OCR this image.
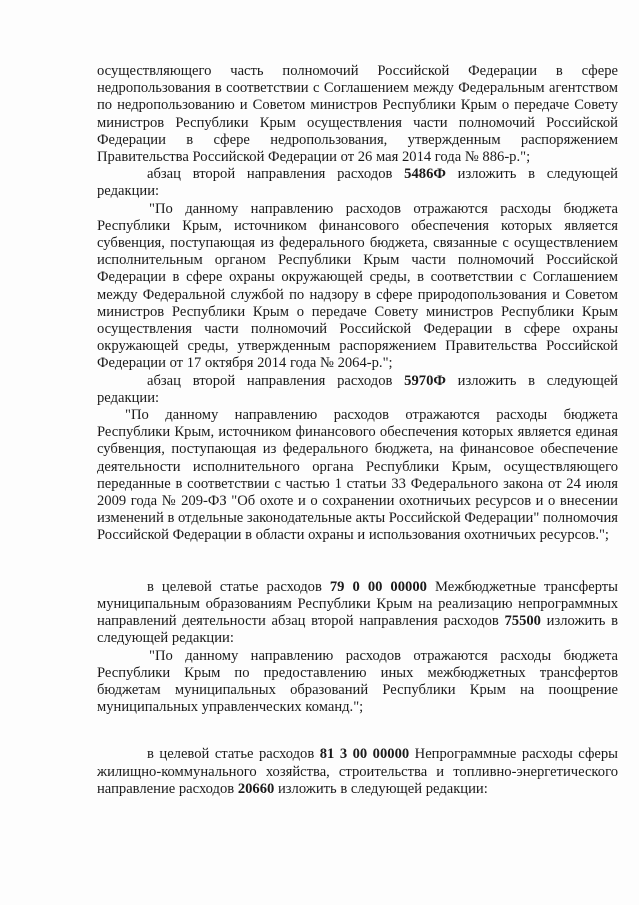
осуществляющего часть полномочий Российской Федерации в сфере недропользования в соответствии с Соглашением между Федеральным агентством по недропользованию и Советом министров Республики Крым о передаче Совету министров Республики Крым осуществления части полномочий Российской Федерации в сфере недропользования, утвержденным распоряжением Правительства Российской Федерации от 26 мая 2014 года № 886-р.";

абзац второй направления расходов 5486Ф изложить в следующей редакции:

"По данному направлению расходов отражаются расходы бюджета Республики Крым, источником финансового обеспечения которых является субвенция, поступающая из федерального бюджета, связанные с осуществлением исполнительным органом Республики Крым части полномочий Российской Федерации в сфере охраны окружающей среды, в соответствии с Соглашением между Федеральной службой по надзору в сфере природопользования и Советом министров Республики Крым о передаче Совету министров Республики Крым осуществления части полномочий Российской Федерации в сфере охраны окружающей среды, утвержденным распоряжением Правительства Российской Федерации от 17 октября 2014 года № 2064-р.";

абзац второй направления расходов 5970Ф изложить в следующей редакции:

"По данному направлению расходов отражаются расходы бюджета Республики Крым, источником финансового обеспечения которых является единая субвенция, поступающая из федерального бюджета, на финансовое обеспечение деятельности исполнительного органа Республики Крым, осуществляющего переданные в соответствии с частью 1 статьи 33 Федерального закона от 24 июля 2009 года № 209-ФЗ "Об охоте и о сохранении охотничьих ресурсов и о внесении изменений в отдельные законодательные акты Российской Федерации" полномочия Российской Федерации в области охраны и использования охотничьих ресурсов.";

в целевой статье расходов 79 0 00 00000 Межбюджетные трансферты муниципальным образованиям Республики Крым на реализацию непрограммных направлений деятельности абзац второй направления расходов 75500 изложить в следующей редакции:

"По данному направлению расходов отражаются расходы бюджета Республики Крым по предоставлению иных межбюджетных трансфертов бюджетам муниципальных образований Республики Крым на поощрение муниципальных управленческих команд.";

в целевой статье расходов 81 3 00 00000 Непрограммные расходы сферы жилищно-коммунального хозяйства, строительства и топливно-энергетического направление расходов 20660 изложить в следующей редакции:
